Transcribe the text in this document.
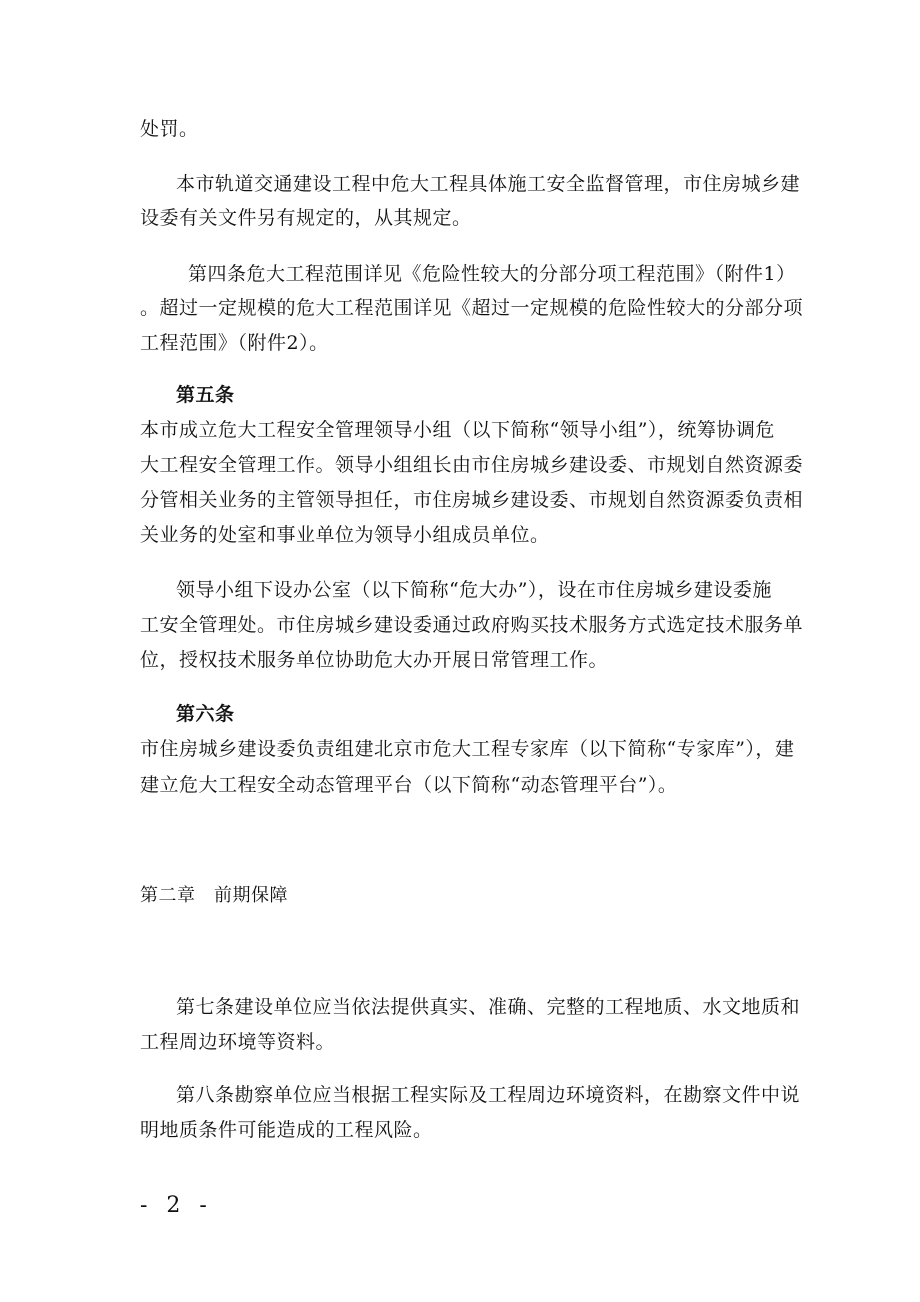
处罚。
本市轨道交通建设工程中危大工程具体施工安全监督管理，市住房城乡建
设委有关文件另有规定的，从其规定。
第四条危大工程范围详见《危险性较大的分部分项工程范围》（附件1）
。超过一定规模的危大工程范围详见《超过一定规模的危险性较大的分部分项
工程范围》（附件2）。
第五条
本市成立危大工程安全管理领导小组（以下简称“领导小组”），统筹协调危
大工程安全管理工作。领导小组组长由市住房城乡建设委、市规划自然资源委
分管相关业务的主管领导担任，市住房城乡建设委、市规划自然资源委负责相
关业务的处室和事业单位为领导小组成员单位。
领导小组下设办公室（以下简称“危大办”），设在市住房城乡建设委施
工安全管理处。市住房城乡建设委通过政府购买技术服务方式选定技术服务单
位，授权技术服务单位协助危大办开展日常管理工作。
第六条
市住房城乡建设委负责组建北京市危大工程专家库（以下简称“专家库”），建
建立危大工程安全动态管理平台（以下简称“动态管理平台”）。
第二章　前期保障
第七条建设单位应当依法提供真实、准确、完整的工程地质、水文地质和
工程周边环境等资料。
第八条勘察单位应当根据工程实际及工程周边环境资料，在勘察文件中说
明地质条件可能造成的工程风险。
- 2 -
